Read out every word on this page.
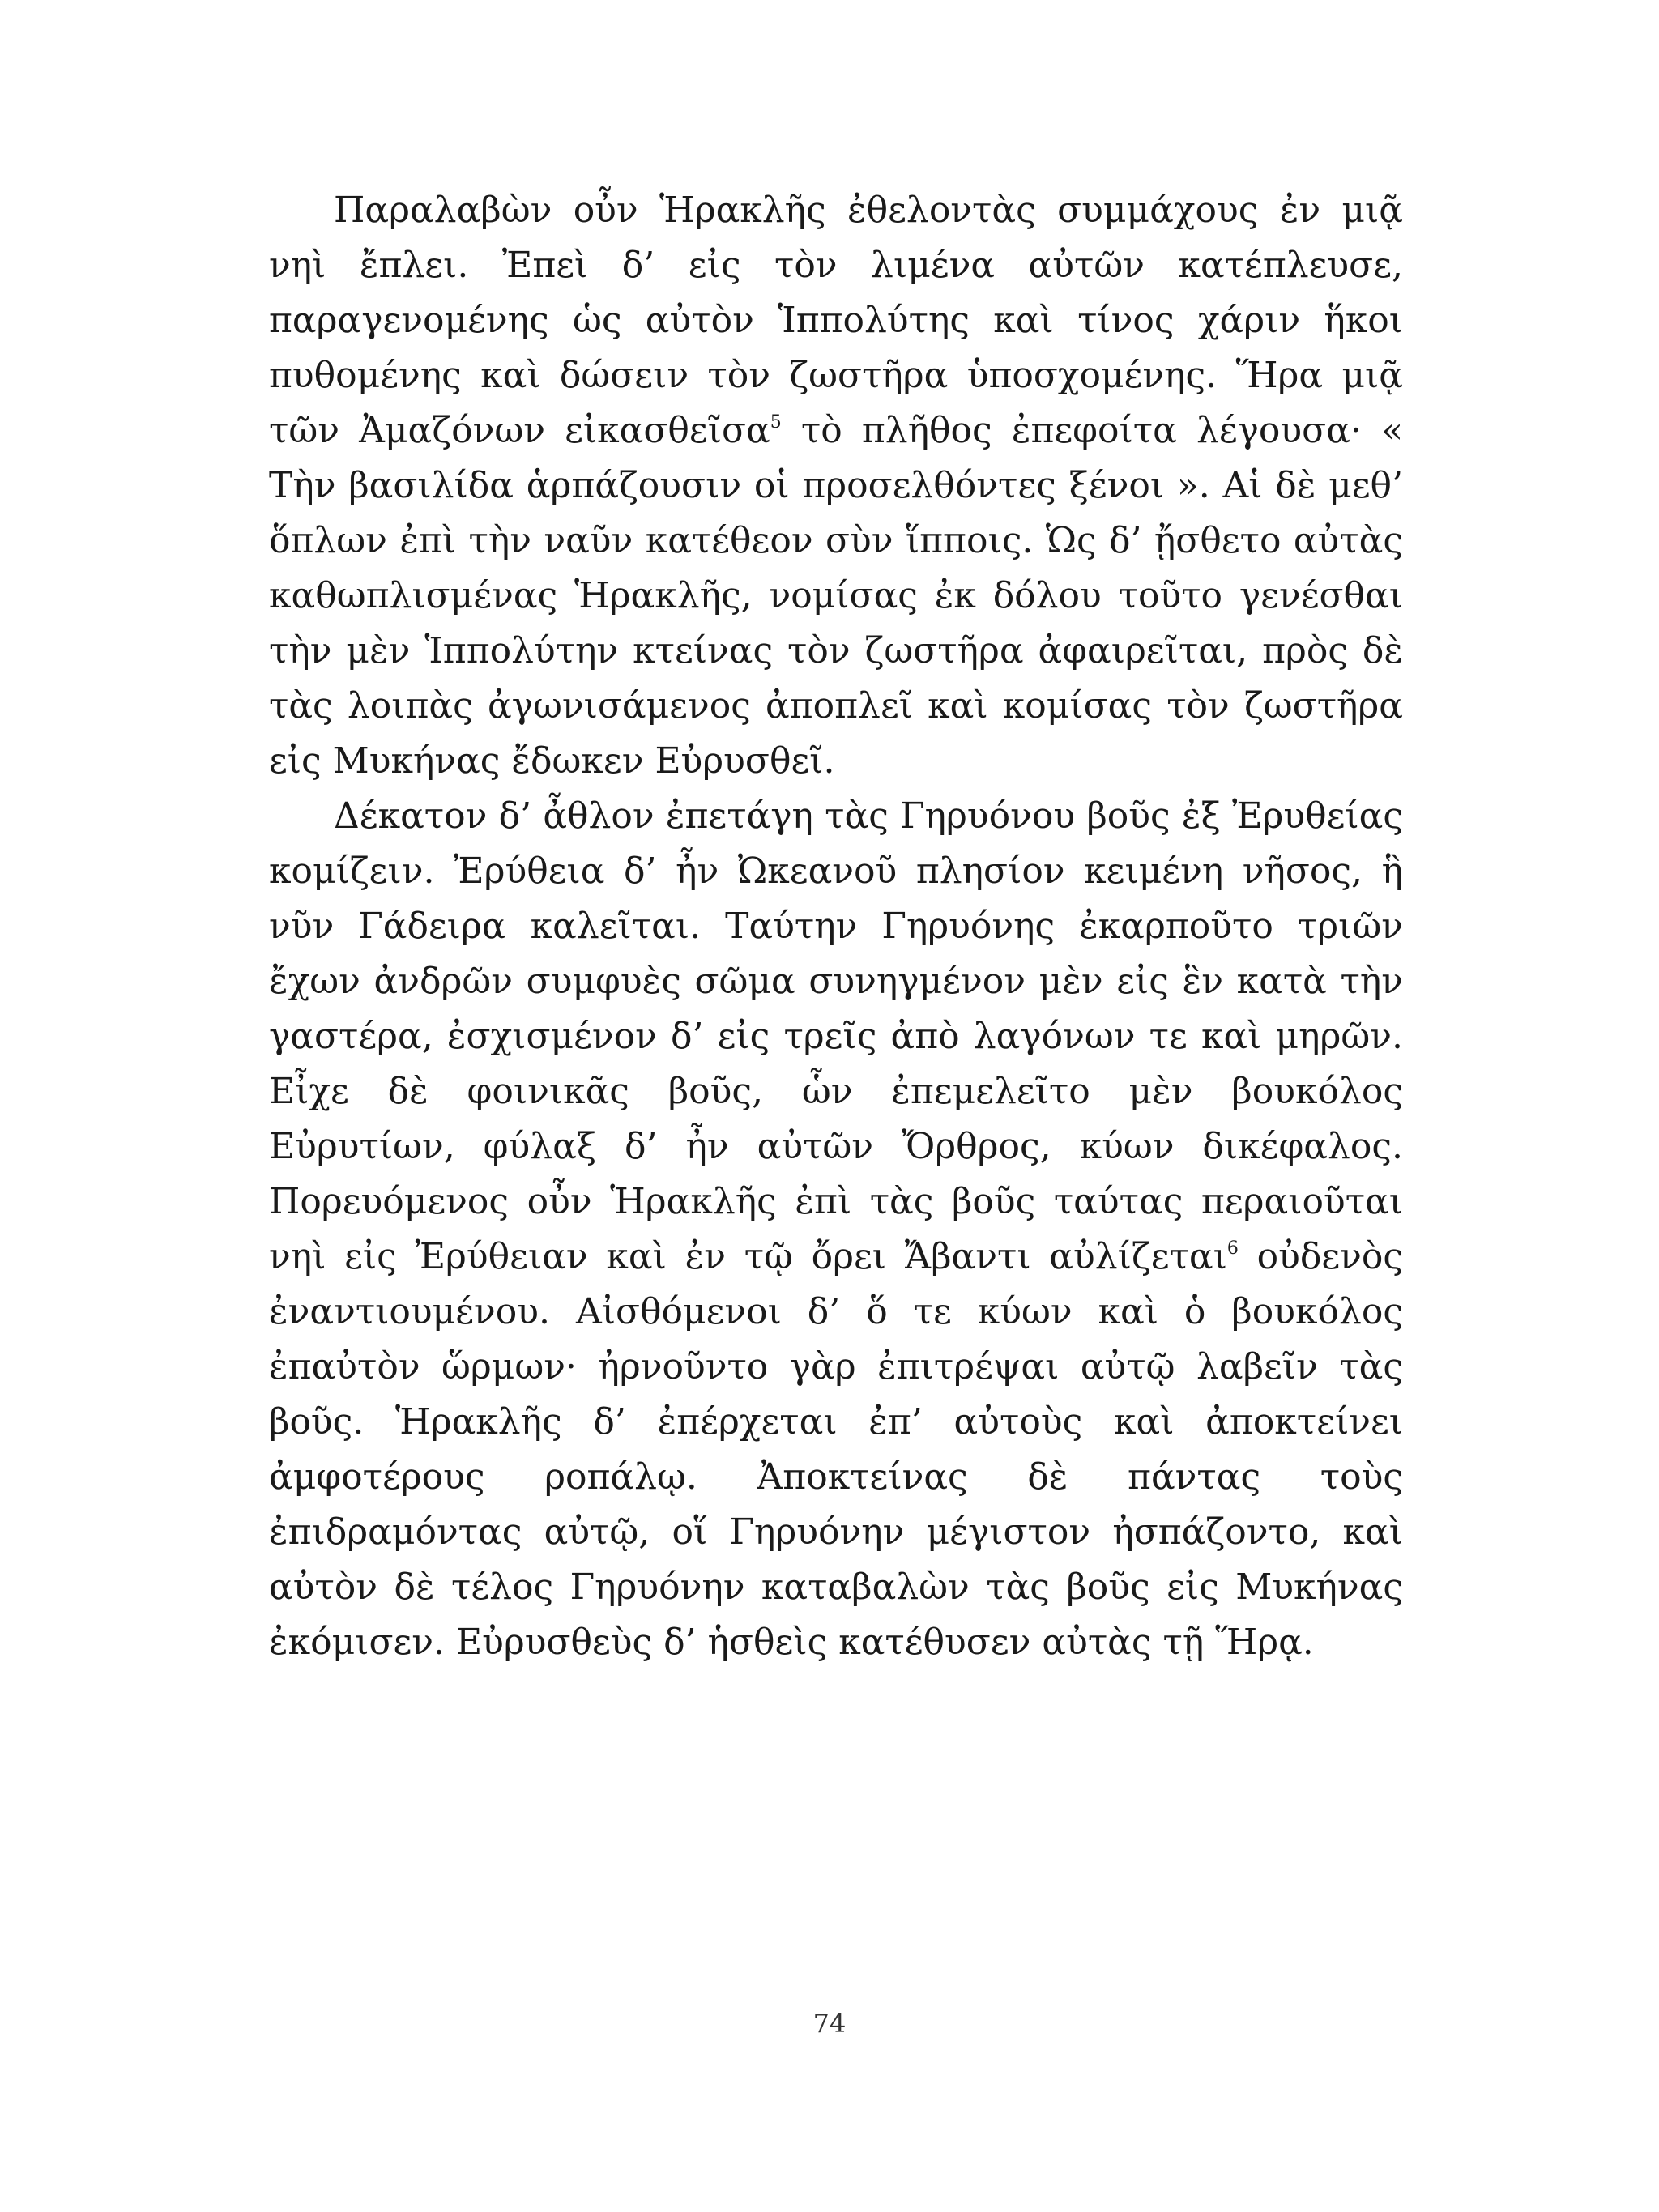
Παραλαβὼν οὖν Ἡρακλῆς ἐθελοντὰς συμμάχους ἐν μιᾷ νηὶ ἔπλει. Ἐπεὶ δ’ εἰς τὸν λιμένα αὐτῶν κατέπλευσε, παραγενομένης ὡς αὐτὸν Ἱππολύτης καὶ τίνος χάριν ἥκοι πυθομένης καὶ δώσειν τὸν ζωστῆρα ὑποσχομένης. Ἥρα μιᾷ τῶν Ἀμαζόνων εἰκασθεῖσα$^5$ τὸ πλῆθος ἐπεφοίτα λέγουσα· « Τὴν βασιλίδα ἁρπάζουσιν οἱ προσελθόντες ξένοι ». Αἱ δὲ μεθ’ ὅπλων ἐπὶ τὴν ναῦν κατέθεον σὺν ἵπποις. Ὡς δ’ ᾔσθετο αὐτὰς καθωπλισμένας Ἡρακλῆς, νομίσας ἐκ δόλου τοῦτο γενέσθαι τὴν μὲν Ἱππολύτην κτείνας τὸν ζωστῆρα ἀφαιρεῖται, πρὸς δὲ τὰς λοιπὰς ἀγωνισάμενος ἀποπλεῖ καὶ κομίσας τὸν ζωστῆρα εἰς Μυκήνας ἔδωκεν Εὐρυσθεῖ.

Δέκατον δ’ ἆθλον ἐπετάγη τὰς Γηρυόνου βοῦς ἐξ Ἐρυθείας κομίζειν. Ἐρύθεια δ’ ἦν Ὠκεανοῦ πλησίον κειμένη νῆσος, ἣ νῦν Γάδειρα καλεῖται. Ταύτην Γηρυόνης ἐκαρποῦτο τριῶν ἔχων ἀνδρῶν συμφυὲς σῶμα συνηγμένον μὲν εἰς ἓν κατὰ τὴν γαστέρα, ἐσχισμένον δ’ εἰς τρεῖς ἀπὸ λαγόνων τε καὶ μηρῶν. Εἶχε δὲ φοινικᾶς βοῦς, ὧν ἐπεμελεῖτο μὲν βουκόλος Εὐρυτίων, φύλαξ δ’ ἦν αὐτῶν Ὄρθρος, κύων δικέφαλος. Πορευόμενος οὖν Ἡρακλῆς ἐπὶ τὰς βοῦς ταύτας περαιοῦται νηὶ εἰς Ἐρύθειαν καὶ ἐν τῷ ὄρει Ἄβαντι αὐλίζεται$^6$ οὐδενὸς ἐναντιουμένου. Αἰσθόμενοι δ’ ὅ τε κύων καὶ ὁ βουκόλος ἐπαὐτὸν ὥρμων· ἠρνοῦντο γὰρ ἐπιτρέψαι αὐτῷ λαβεῖν τὰς βοῦς. Ἡρακλῆς δ’ ἐπέρχεται ἐπ’ αὐτοὺς καὶ ἀποκτείνει ἀμφοτέρους ροπάλῳ. Ἀποκτείνας δὲ πάντας τοὺς ἐπιδραμόντας αὐτῷ, οἵ Γηρυόνην μέγιστον ἠσπάζοντο, καὶ αὐτὸν δὲ τέλος Γηρυόνην καταβαλὼν τὰς βοῦς εἰς Μυκήνας ἐκόμισεν. Εὐρυσθεὺς δ’ ἡσθεὶς κατέθυσεν αὐτὰς τῇ Ἥρᾳ.

74
